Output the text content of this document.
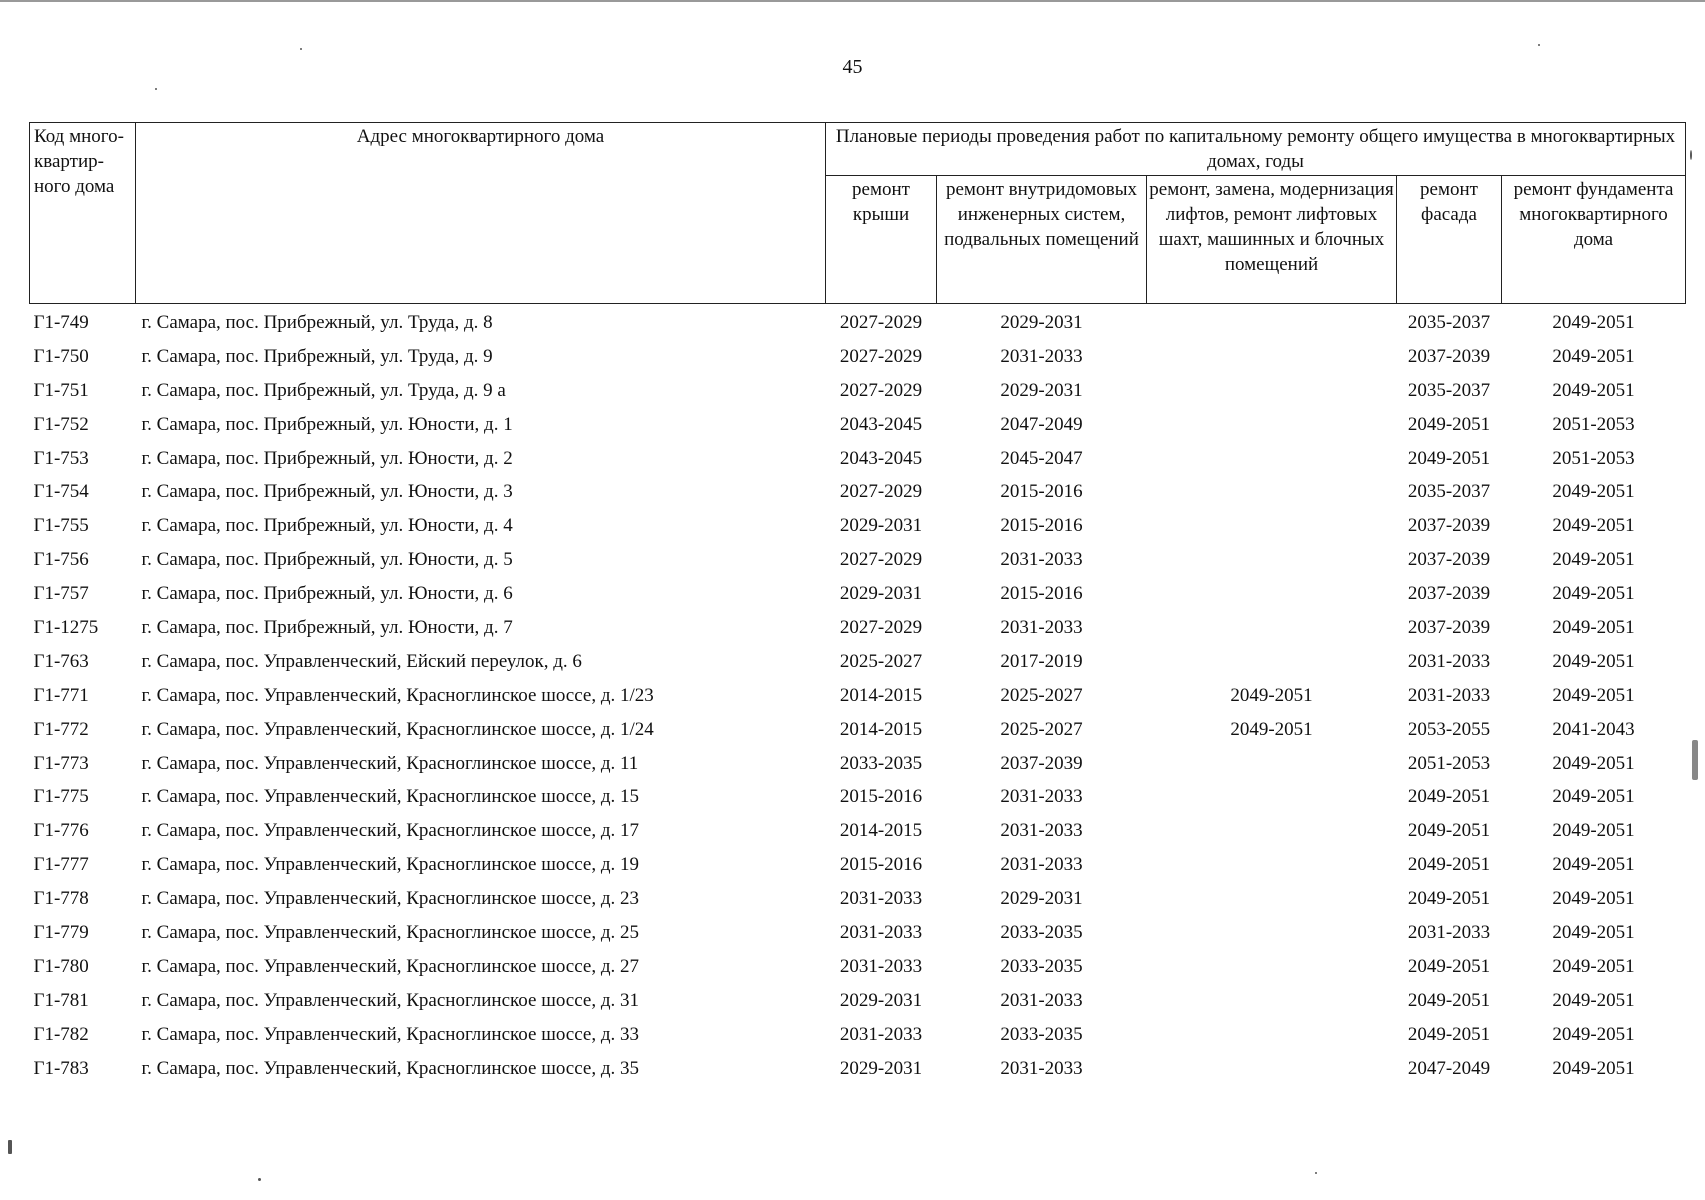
45
Код много-квартир-ного дома	Адрес многоквартирного дома	Плановые периоды проведения работ по капитальному ремонту общего имущества в многоквартирных домах, годы				
		ремонт крыши	ремонт внутридомовых инженерных систем, подвальных помещений	ремонт, замена, модернизация лифтов, ремонт лифтовых шахт, машинных и блочных помещений	ремонт фасада	ремонт фундамента многоквартирного дома
Г1-749	г. Самара, пос. Прибрежный, ул. Труда, д. 8	2027-2029	2029-2031		2035-2037	2049-2051
Г1-750	г. Самара, пос. Прибрежный, ул. Труда, д. 9	2027-2029	2031-2033		2037-2039	2049-2051
Г1-751	г. Самара, пос. Прибрежный, ул. Труда, д. 9 а	2027-2029	2029-2031		2035-2037	2049-2051
Г1-752	г. Самара, пос. Прибрежный, ул. Юности, д. 1	2043-2045	2047-2049		2049-2051	2051-2053
Г1-753	г. Самара, пос. Прибрежный, ул. Юности, д. 2	2043-2045	2045-2047		2049-2051	2051-2053
Г1-754	г. Самара, пос. Прибрежный, ул. Юности, д. 3	2027-2029	2015-2016		2035-2037	2049-2051
Г1-755	г. Самара, пос. Прибрежный, ул. Юности, д. 4	2029-2031	2015-2016		2037-2039	2049-2051
Г1-756	г. Самара, пос. Прибрежный, ул. Юности, д. 5	2027-2029	2031-2033		2037-2039	2049-2051
Г1-757	г. Самара, пос. Прибрежный, ул. Юности, д. 6	2029-2031	2015-2016		2037-2039	2049-2051
Г1-1275	г. Самара, пос. Прибрежный, ул. Юности, д. 7	2027-2029	2031-2033		2037-2039	2049-2051
Г1-763	г. Самара, пос. Управленческий, Ейский переулок, д. 6	2025-2027	2017-2019		2031-2033	2049-2051
Г1-771	г. Самара, пос. Управленческий, Красноглинское шоссе, д. 1/23	2014-2015	2025-2027	2049-2051	2031-2033	2049-2051
Г1-772	г. Самара, пос. Управленческий, Красноглинское шоссе, д. 1/24	2014-2015	2025-2027	2049-2051	2053-2055	2041-2043
Г1-773	г. Самара, пос. Управленческий, Красноглинское шоссе, д. 11	2033-2035	2037-2039		2051-2053	2049-2051
Г1-775	г. Самара, пос. Управленческий, Красноглинское шоссе, д. 15	2015-2016	2031-2033		2049-2051	2049-2051
Г1-776	г. Самара, пос. Управленческий, Красноглинское шоссе, д. 17	2014-2015	2031-2033		2049-2051	2049-2051
Г1-777	г. Самара, пос. Управленческий, Красноглинское шоссе, д. 19	2015-2016	2031-2033		2049-2051	2049-2051
Г1-778	г. Самара, пос. Управленческий, Красноглинское шоссе, д. 23	2031-2033	2029-2031		2049-2051	2049-2051
Г1-779	г. Самара, пос. Управленческий, Красноглинское шоссе, д. 25	2031-2033	2033-2035		2031-2033	2049-2051
Г1-780	г. Самара, пос. Управленческий, Красноглинское шоссе, д. 27	2031-2033	2033-2035		2049-2051	2049-2051
Г1-781	г. Самара, пос. Управленческий, Красноглинское шоссе, д. 31	2029-2031	2031-2033		2049-2051	2049-2051
Г1-782	г. Самара, пос. Управленческий, Красноглинское шоссе, д. 33	2031-2033	2033-2035		2049-2051	2049-2051
Г1-783	г. Самара, пос. Управленческий, Красноглинское шоссе, д. 35	2029-2031	2031-2033		2047-2049	2049-2051
